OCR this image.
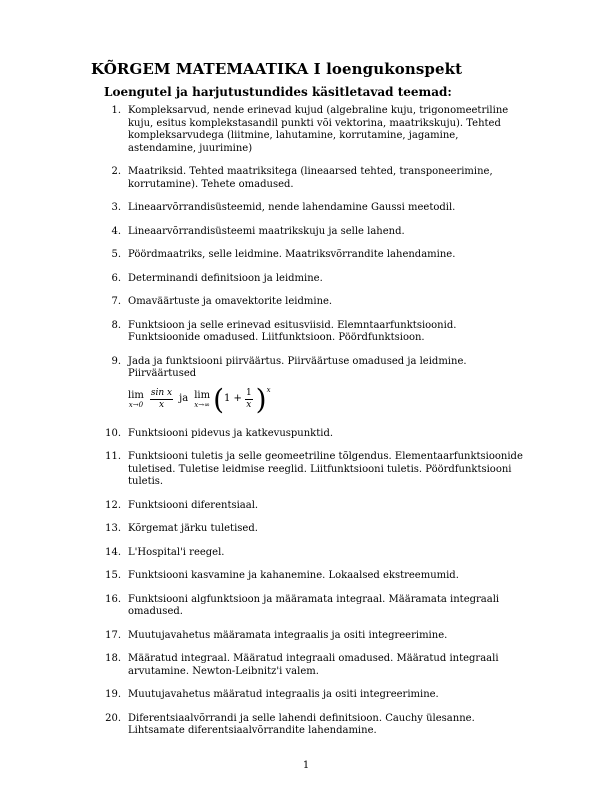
KÕRGEM MATEMAATIKA I loengukonspekt
Loengutel ja harjutustundides käsitletavad teemad:
1. Kompleksarvud, nende erinevad kujud (algebraline kuju, trigonomeetriline kuju, esitus komplekstasandil punkti või vektorina, maatrikskuju). Tehted kompleksarvudega (liitmine, lahutamine, korrutamine, jagamine, astendamine, juurimine)
2. Maatriksid. Tehted maatriksitega (lineaarsed tehted, transponeerimine, korrutamine). Tehete omadused.
3. Lineaarvõrrandisüsteemid, nende lahendamine Gaussi meetodil.
4. Lineaarvõrrandisüsteemi maatrikskuju ja selle lahend.
5. Pöördmaatriks, selle leidmine. Maatriksvõrrandite lahendamine.
6. Determinandi definitsioon ja leidmine.
7. Omaväärtuste ja omavektorite leidmine.
8. Funktsioon ja selle erinevad esitusviisid. Elemntaarfunktsioonid. Funktsioonide omadused. Liitfunktsioon. Pöördfunktsioon.
9. Jada ja funktsiooni piirväärtus. Piirväärtuse omadused ja leidmine. Piirväärtused
lim
$x\to 0 \frac{\text{sin x}}{x}$ ja lim
x→∞ ( $1 + \frac{1}{x}$ ) x
10. Funktsiooni pidevus ja katkevuspunktid.
11. Funktsiooni tuletis ja selle geomeetriline tõlgendus. Elementaarfunktsioonide tuletised. Tuletise leidmise reeglid. Liitfunktsiooni tuletis. Pöördfunktsiooni tuletis.
12. Funktsiooni diferentsiaal.
13. Kõrgemat järku tuletised.
14. L'Hospital'i reegel.
15. Funktsiooni kasvamine ja kahanemine. Lokaalsed ekstreemumid.
16. Funktsiooni algfunktsioon ja määramata integraal. Määramata integraali omadused.
17. Muutujavahetus määramata integraalis ja ositi integreerimine.
18. Määratud integraal. Määratud integraali omadused. Määratud integraali arvutamine. Newton-Leibnitz'i valem.
19. Muutujavahetus määratud integraalis ja ositi integreerimine.
20. Diferentsiaalvõrrandi ja selle lahendi definitsioon. Cauchy ülesanne. Lihtsamate diferentsiaalvõrrandite lahendamine.
1
